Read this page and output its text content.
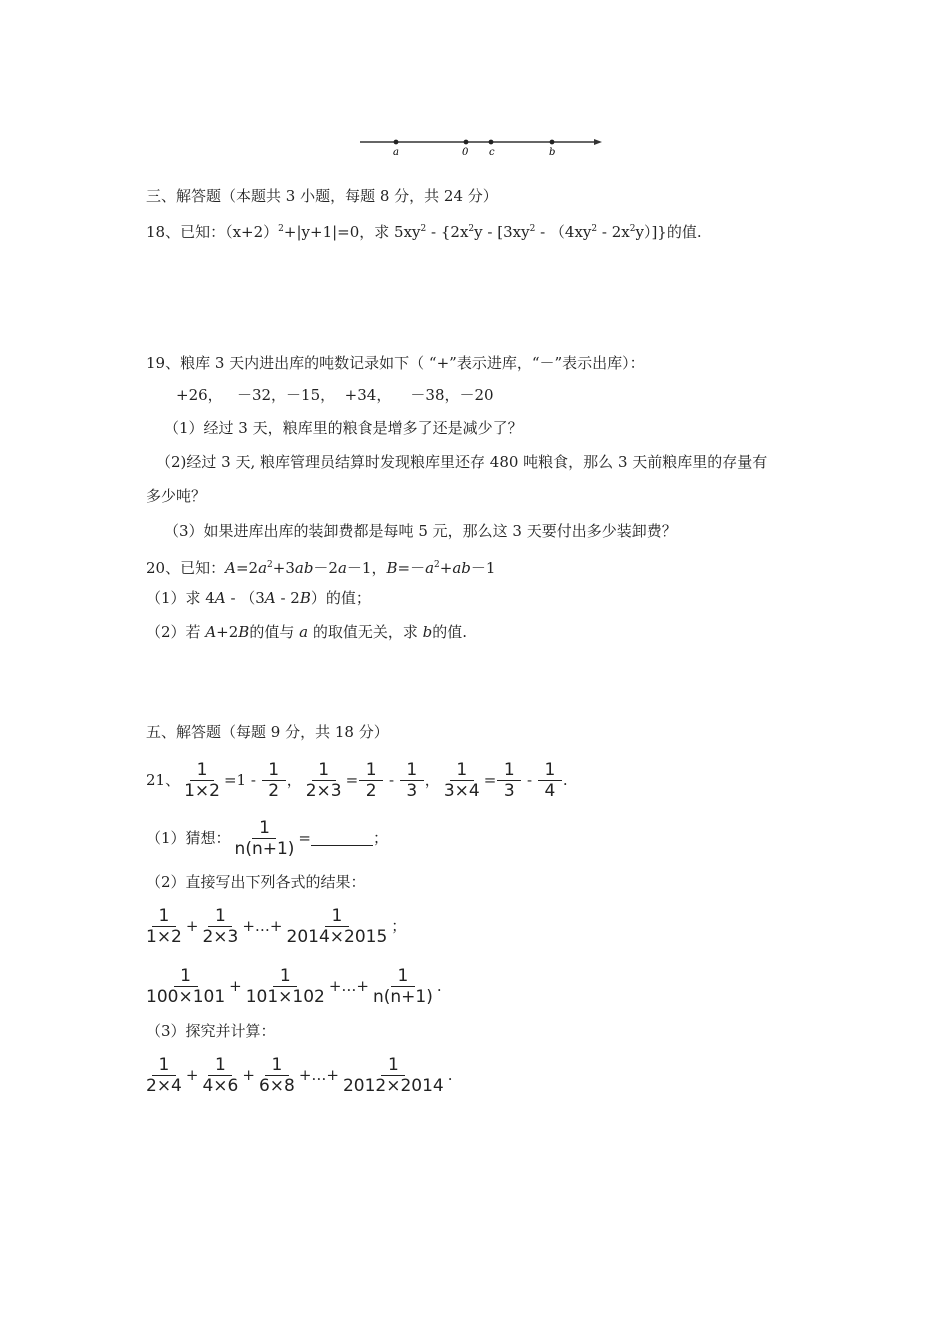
a	0 c	b
三、解答题（本题共 3 小题，每题 8 分，共 24 分）
18、已知：$(x+2)^2+|y+1|=0$，求 $5xy^2 - \{2x^2y - [3xy^2 - (4xy^2 - 2x^2y)]\}$的值.
19、粮库 3 天内进出库的吨数记录如下（ “+”表示进库，“－”表示出库）：
+26，   －32，－15，  +34，    －38，－20
（1）经过 3 天，粮库里的粮食是增多了还是减少了？
（2)经过 3 天, 粮库管理员结算时发现粮库里还存 480 吨粮食，那么 3 天前粮库里的存量有
多少吨？
（3）如果进库出库的装卸费都是每吨 5 元，那么这 3 天要付出多少装卸费？
20、已知：$A=2a^2+3ab-2a-1$，$B=-a^2+ab-1$
（1）求 4A - （3A - 2B）的值；
（2）若 A+2B的值与 a 的取值无关，求 b的值.
五、解答题（每题 9 分，共 18 分）
21、 $\frac{1}{1\times 2} =1 - \frac{1}{2}$ ， $\frac{1}{2\times 3} = \frac{1}{2} - \frac{1}{3}$ ， $\frac{1}{3\times 4} = \frac{1}{3} - \frac{1}{4}$ .
（1）猜想： $\frac{1}{n(n+1)}$ =	；
（2）直接写出下列各式的结果：
$\frac{1}{1\times 2} + \frac{1}{2\times 3}$ +…+ $\frac{1}{2014\times 2015}$ ；
$\frac{1}{100\times 101} + \frac{1}{101\times 102}$ +…+ $\frac{1}{n(n+1)}$ .
（3）探究并计算：
$\frac{1}{2\times 4} + \frac{1}{4\times 6} + \frac{1}{6\times 8}$ +…+ $\frac{1}{2012\times 2014}$ .
